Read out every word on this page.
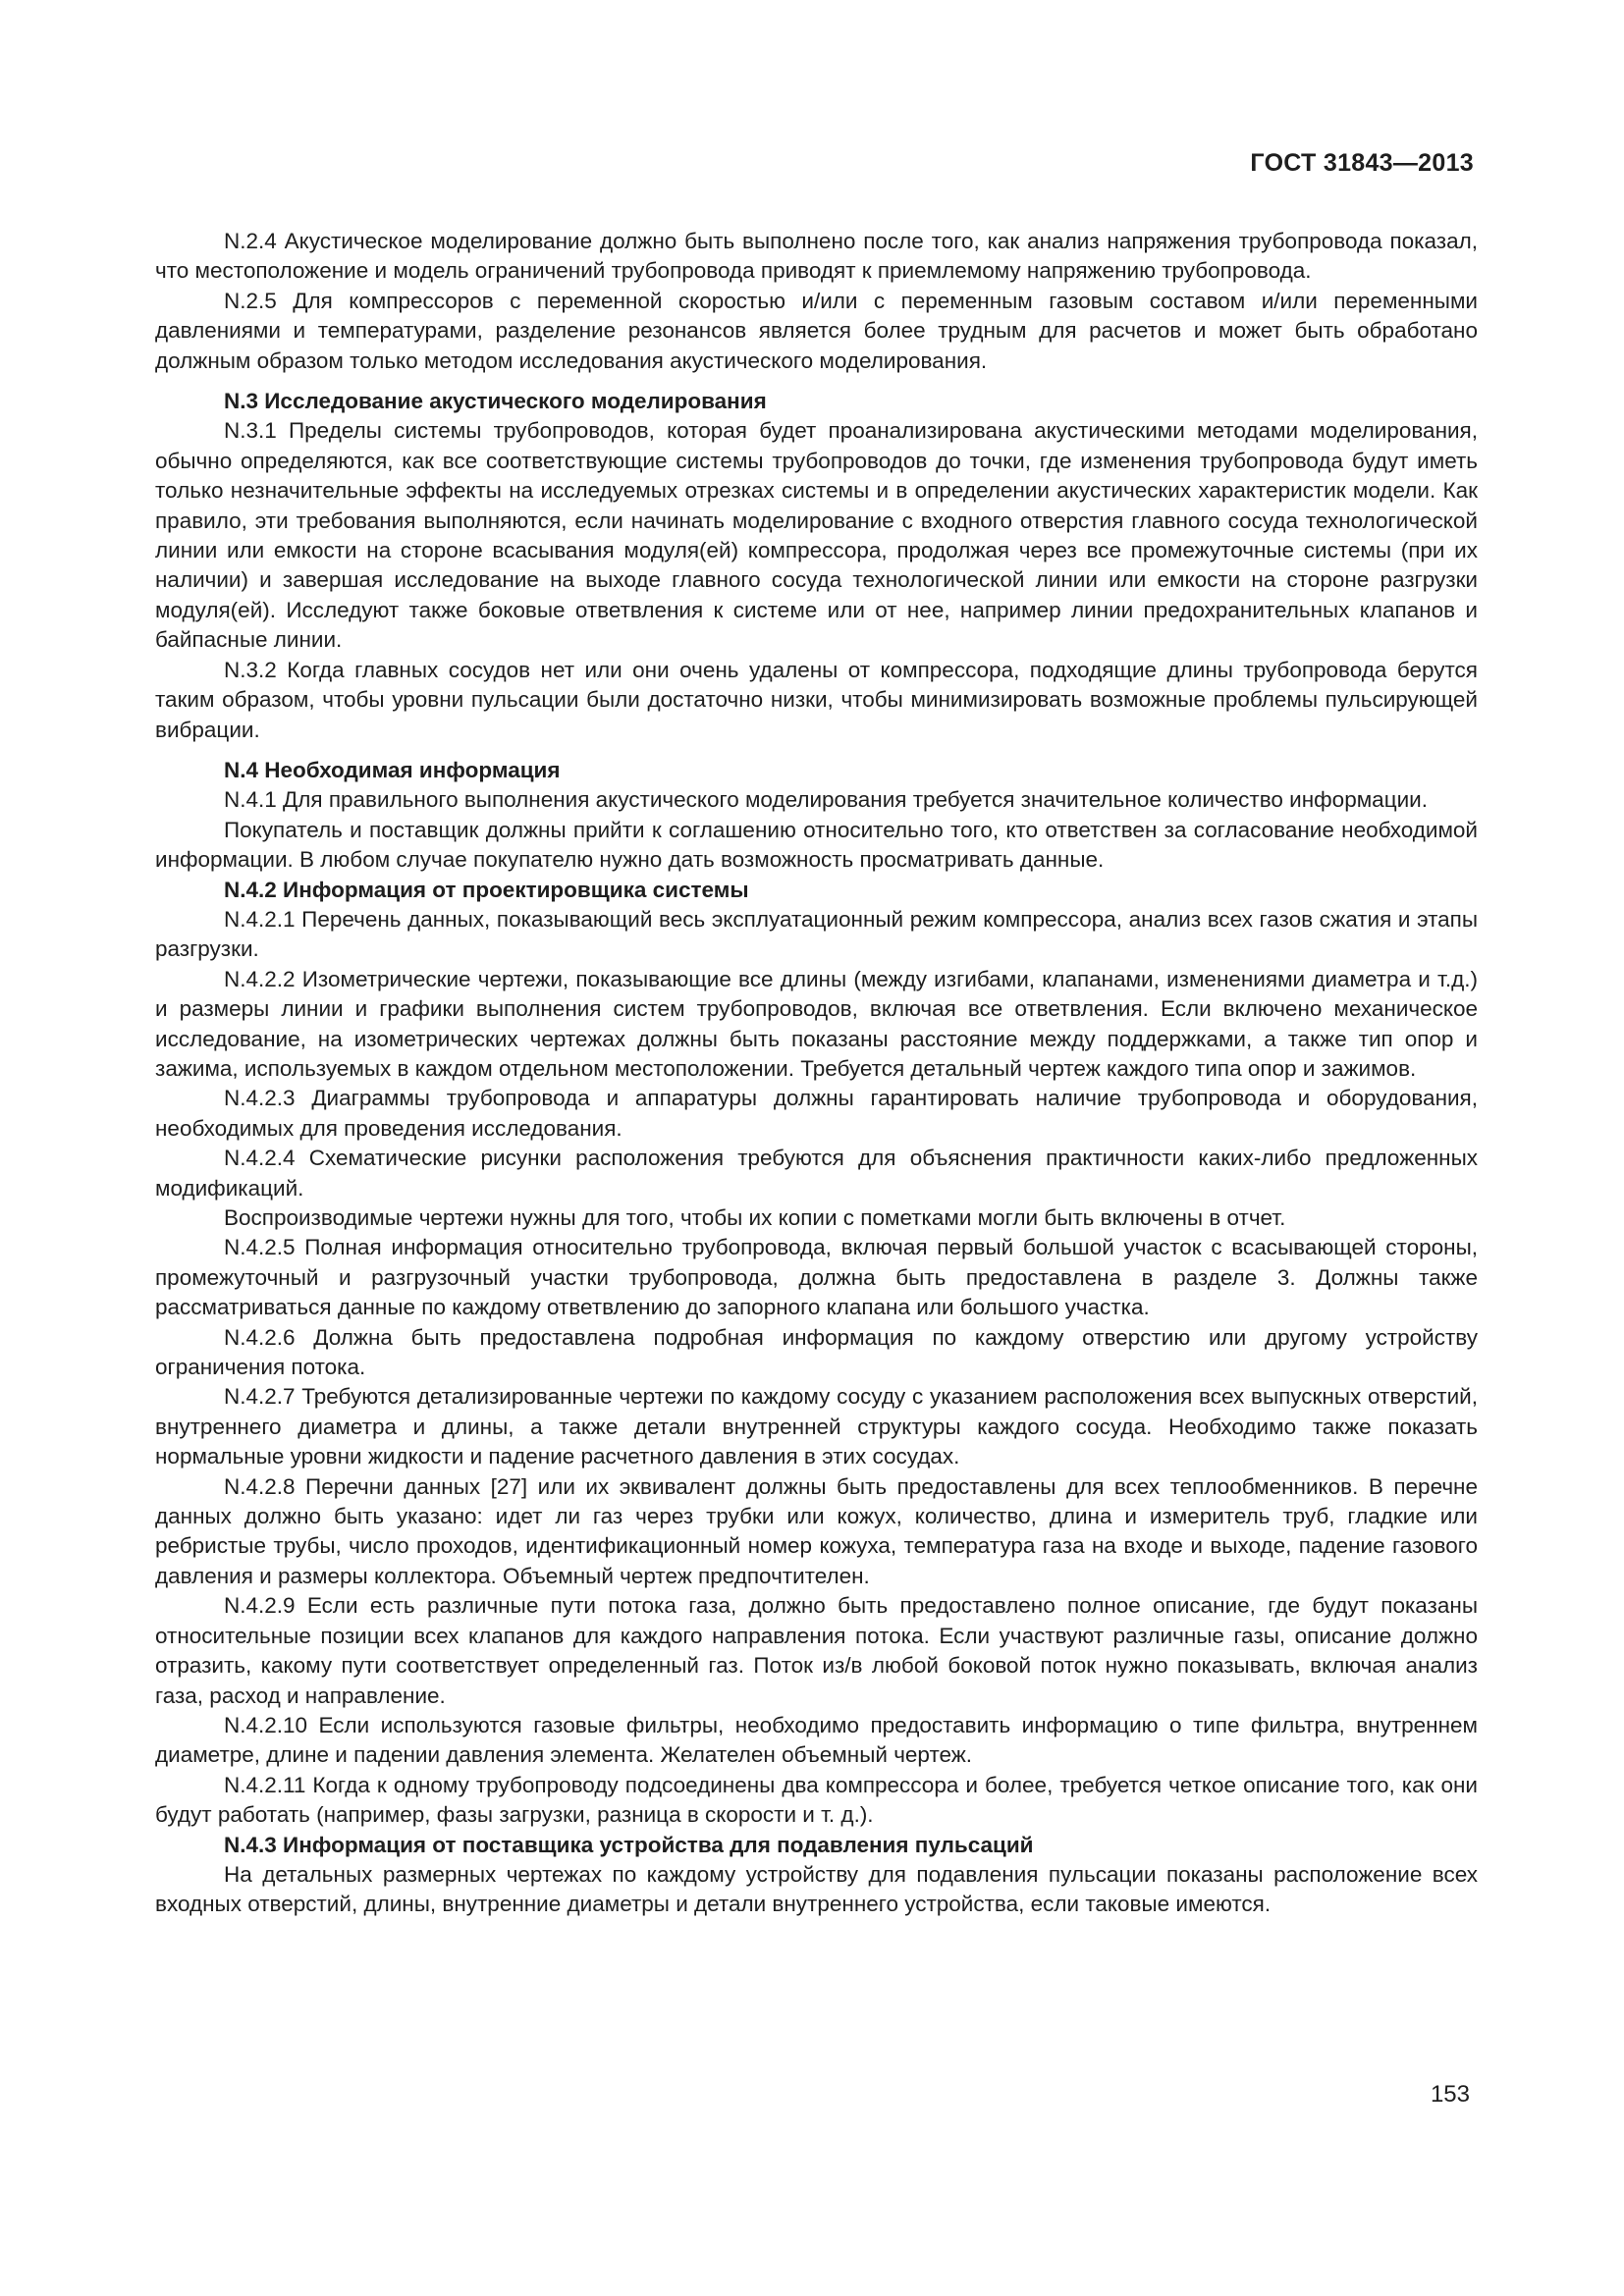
ГОСТ 31843—2013

N.2.4 Акустическое моделирование должно быть выполнено после того, как анализ напряжения трубопровода показал, что местоположение и модель ограничений трубопровода приводят к приемлемому напряжению трубопровода.

N.2.5 Для компрессоров с переменной скоростью и/или с переменным газовым составом и/или переменными давлениями и температурами, разделение резонансов является более трудным для расчетов и может быть обработано должным образом только методом исследования акустического моделирования.

N.3 Исследование акустического моделирования

N.3.1 Пределы системы трубопроводов, которая будет проанализирована акустическими методами моделирования, обычно определяются, как все соответствующие системы трубопроводов до точки, где изменения трубопровода будут иметь только незначительные эффекты на исследуемых отрезках системы и в определении акустических характеристик модели. Как правило, эти требования выполняются, если начинать моделирование с входного отверстия главного сосуда технологической линии или емкости на стороне всасывания модуля(ей) компрессора, продолжая через все промежуточные системы (при их наличии) и завершая исследование на выходе главного сосуда технологической линии или емкости на стороне разгрузки модуля(ей). Исследуют также боковые ответвления к системе или от нее, например линии предохранительных клапанов и байпасные линии.

N.3.2 Когда главных сосудов нет или они очень удалены от компрессора, подходящие длины трубопровода берутся таким образом, чтобы уровни пульсации были достаточно низки, чтобы минимизировать возможные проблемы пульсирующей вибрации.

N.4 Необходимая информация

N.4.1 Для правильного выполнения акустического моделирования требуется значительное количество информации.

Покупатель и поставщик должны прийти к соглашению относительно того, кто ответствен за согласование необходимой информации. В любом случае покупателю нужно дать возможность просматривать данные.

N.4.2 Информация от проектировщика системы

N.4.2.1 Перечень данных, показывающий весь эксплуатационный режим компрессора, анализ всех газов сжатия и этапы разгрузки.

N.4.2.2 Изометрические чертежи, показывающие все длины (между изгибами, клапанами, изменениями диаметра и т.д.) и размеры линии и графики выполнения систем трубопроводов, включая все ответвления. Если включено механическое исследование, на изометрических чертежах должны быть показаны расстояние между поддержками, а также тип опор и зажима, используемых в каждом отдельном местоположении. Требуется детальный чертеж каждого типа опор и зажимов.

N.4.2.3 Диаграммы трубопровода и аппаратуры должны гарантировать наличие трубопровода и оборудования, необходимых для проведения исследования.

N.4.2.4 Схематические рисунки расположения требуются для объяснения практичности каких-либо предложенных модификаций.

Воспроизводимые чертежи нужны для того, чтобы их копии с пометками могли быть включены в отчет.

N.4.2.5 Полная информация относительно трубопровода, включая первый большой участок с всасывающей стороны, промежуточный и разгрузочный участки трубопровода, должна быть предоставлена в разделе 3. Должны также рассматриваться данные по каждому ответвлению до запорного клапана или большого участка.

N.4.2.6 Должна быть предоставлена подробная информация по каждому отверстию или другому устройству ограничения потока.

N.4.2.7 Требуются детализированные чертежи по каждому сосуду с указанием расположения всех выпускных отверстий, внутреннего диаметра и длины, а также детали внутренней структуры каждого сосуда. Необходимо также показать нормальные уровни жидкости и падение расчетного давления в этих сосудах.

N.4.2.8 Перечни данных [27] или их эквивалент должны быть предоставлены для всех теплообменников. В перечне данных должно быть указано: идет ли газ через трубки или кожух, количество, длина и измеритель труб, гладкие или ребристые трубы, число проходов, идентификационный номер кожуха, температура газа на входе и выходе, падение газового давления и размеры коллектора. Объемный чертеж предпочтителен.

N.4.2.9 Если есть различные пути потока газа, должно быть предоставлено полное описание, где будут показаны относительные позиции всех клапанов для каждого направления потока. Если участвуют различные газы, описание должно отразить, какому пути соответствует определенный газ. Поток из/в любой боковой поток нужно показывать, включая анализ газа, расход и направление.

N.4.2.10 Если используются газовые фильтры, необходимо предоставить информацию о типе фильтра, внутреннем диаметре, длине и падении давления элемента. Желателен объемный чертеж.

N.4.2.11 Когда к одному трубопроводу подсоединены два компрессора и более, требуется четкое описание того, как они будут работать (например, фазы загрузки, разница в скорости и т. д.).

N.4.3 Информация от поставщика устройства для подавления пульсаций

На детальных размерных чертежах по каждому устройству для подавления пульсации показаны расположение всех входных отверстий, длины, внутренние диаметры и детали внутреннего устройства, если таковые имеются.

153
